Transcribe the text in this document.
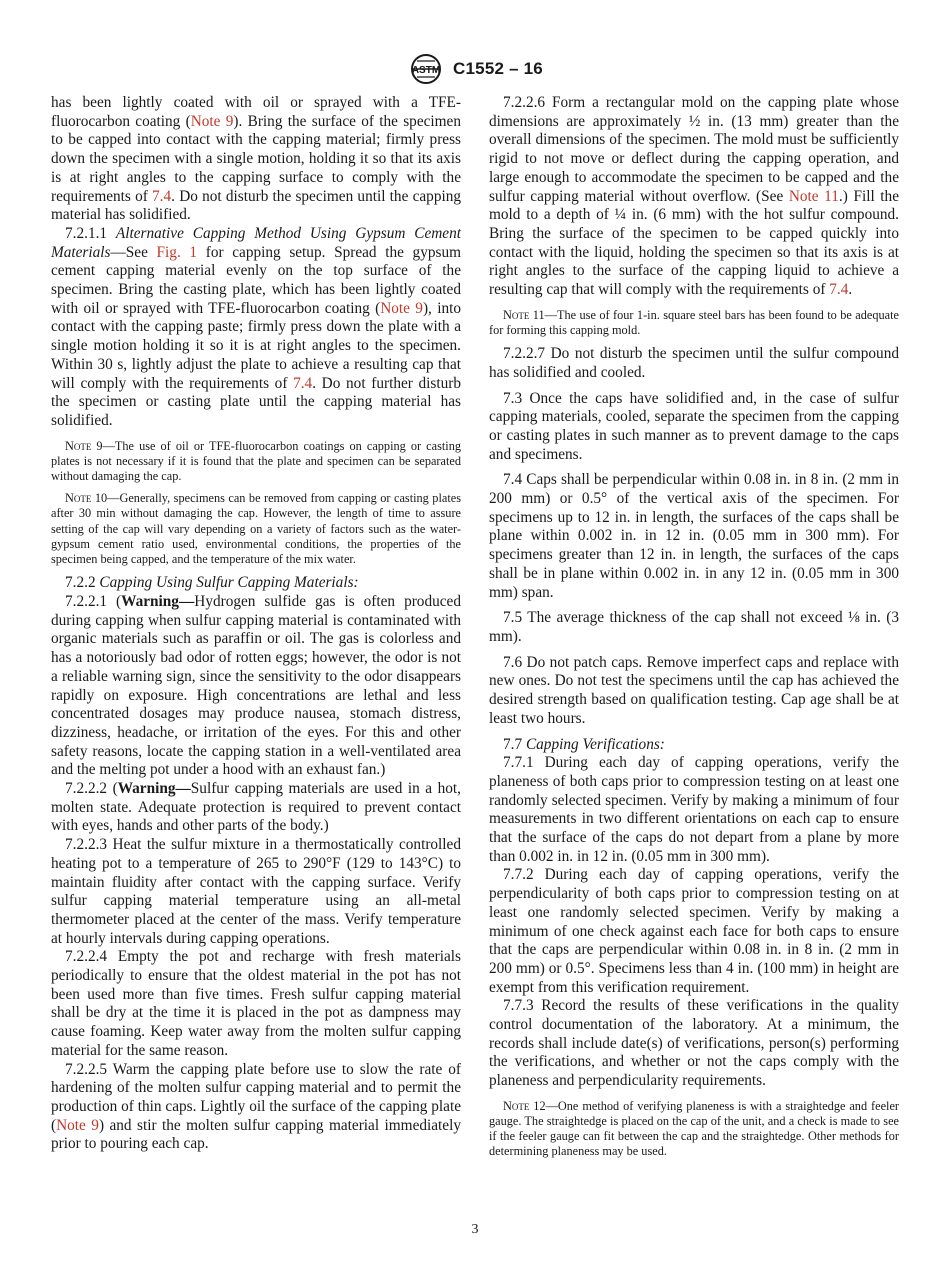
ASTM C1552 – 16

has been lightly coated with oil or sprayed with a TFE-fluorocarbon coating (Note 9). Bring the surface of the specimen to be capped into contact with the capping material; firmly press down the specimen with a single motion, holding it so that its axis is at right angles to the capping surface to comply with the requirements of 7.4. Do not disturb the specimen until the capping material has solidified.

7.2.1.1 Alternative Capping Method Using Gypsum Cement Materials—See Fig. 1 for capping setup. Spread the gypsum cement capping material evenly on the top surface of the specimen. Bring the casting plate, which has been lightly coated with oil or sprayed with TFE-fluorocarbon coating (Note 9), into contact with the capping paste; firmly press down the plate with a single motion holding it so it is at right angles to the specimen. Within 30 s, lightly adjust the plate to achieve a resulting cap that will comply with the requirements of 7.4. Do not further disturb the specimen or casting plate until the capping material has solidified.

Note 9—The use of oil or TFE-fluorocarbon coatings on capping or casting plates is not necessary if it is found that the plate and specimen can be separated without damaging the cap.

Note 10—Generally, specimens can be removed from capping or casting plates after 30 min without damaging the cap. However, the length of time to assure setting of the cap will vary depending on a variety of factors such as the water-gypsum cement ratio used, environmental conditions, the properties of the specimen being capped, and the temperature of the mix water.

7.2.2 Capping Using Sulfur Capping Materials:

7.2.2.1 (Warning—Hydrogen sulfide gas is often produced during capping when sulfur capping material is contaminated with organic materials such as paraffin or oil. The gas is colorless and has a notoriously bad odor of rotten eggs; however, the odor is not a reliable warning sign, since the sensitivity to the odor disappears rapidly on exposure. High concentrations are lethal and less concentrated dosages may produce nausea, stomach distress, dizziness, headache, or irritation of the eyes. For this and other safety reasons, locate the capping station in a well-ventilated area and the melting pot under a hood with an exhaust fan.)

7.2.2.2 (Warning—Sulfur capping materials are used in a hot, molten state. Adequate protection is required to prevent contact with eyes, hands and other parts of the body.)

7.2.2.3 Heat the sulfur mixture in a thermostatically controlled heating pot to a temperature of 265 to 290°F (129 to 143°C) to maintain fluidity after contact with the capping surface. Verify sulfur capping material temperature using an all-metal thermometer placed at the center of the mass. Verify temperature at hourly intervals during capping operations.

7.2.2.4 Empty the pot and recharge with fresh materials periodically to ensure that the oldest material in the pot has not been used more than five times. Fresh sulfur capping material shall be dry at the time it is placed in the pot as dampness may cause foaming. Keep water away from the molten sulfur capping material for the same reason.

7.2.2.5 Warm the capping plate before use to slow the rate of hardening of the molten sulfur capping material and to permit the production of thin caps. Lightly oil the surface of the capping plate (Note 9) and stir the molten sulfur capping material immediately prior to pouring each cap.

7.2.2.6 Form a rectangular mold on the capping plate whose dimensions are approximately ½ in. (13 mm) greater than the overall dimensions of the specimen. The mold must be sufficiently rigid to not move or deflect during the capping operation, and large enough to accommodate the specimen to be capped and the sulfur capping material without overflow. (See Note 11.) Fill the mold to a depth of ¼ in. (6 mm) with the hot sulfur compound. Bring the surface of the specimen to be capped quickly into contact with the liquid, holding the specimen so that its axis is at right angles to the surface of the capping liquid to achieve a resulting cap that will comply with the requirements of 7.4.

Note 11—The use of four 1-in. square steel bars has been found to be adequate for forming this capping mold.

7.2.2.7 Do not disturb the specimen until the sulfur compound has solidified and cooled.

7.3 Once the caps have solidified and, in the case of sulfur capping materials, cooled, separate the specimen from the capping or casting plates in such manner as to prevent damage to the caps and specimens.

7.4 Caps shall be perpendicular within 0.08 in. in 8 in. (2 mm in 200 mm) or 0.5° of the vertical axis of the specimen. For specimens up to 12 in. in length, the surfaces of the caps shall be plane within 0.002 in. in 12 in. (0.05 mm in 300 mm). For specimens greater than 12 in. in length, the surfaces of the caps shall be in plane within 0.002 in. in any 12 in. (0.05 mm in 300 mm) span.

7.5 The average thickness of the cap shall not exceed ⅛ in. (3 mm).

7.6 Do not patch caps. Remove imperfect caps and replace with new ones. Do not test the specimens until the cap has achieved the desired strength based on qualification testing. Cap age shall be at least two hours.

7.7 Capping Verifications:

7.7.1 During each day of capping operations, verify the planeness of both caps prior to compression testing on at least one randomly selected specimen. Verify by making a minimum of four measurements in two different orientations on each cap to ensure that the surface of the caps do not depart from a plane by more than 0.002 in. in 12 in. (0.05 mm in 300 mm).

7.7.2 During each day of capping operations, verify the perpendicularity of both caps prior to compression testing on at least one randomly selected specimen. Verify by making a minimum of one check against each face for both caps to ensure that the caps are perpendicular within 0.08 in. in 8 in. (2 mm in 200 mm) or 0.5°. Specimens less than 4 in. (100 mm) in height are exempt from this verification requirement.

7.7.3 Record the results of these verifications in the quality control documentation of the laboratory. At a minimum, the records shall include date(s) of verifications, person(s) performing the verifications, and whether or not the caps comply with the planeness and perpendicularity requirements.

Note 12—One method of verifying planeness is with a straightedge and feeler gauge. The straightedge is placed on the cap of the unit, and a check is made to see if the feeler gauge can fit between the cap and the straightedge. Other methods for determining planeness may be used.

3
